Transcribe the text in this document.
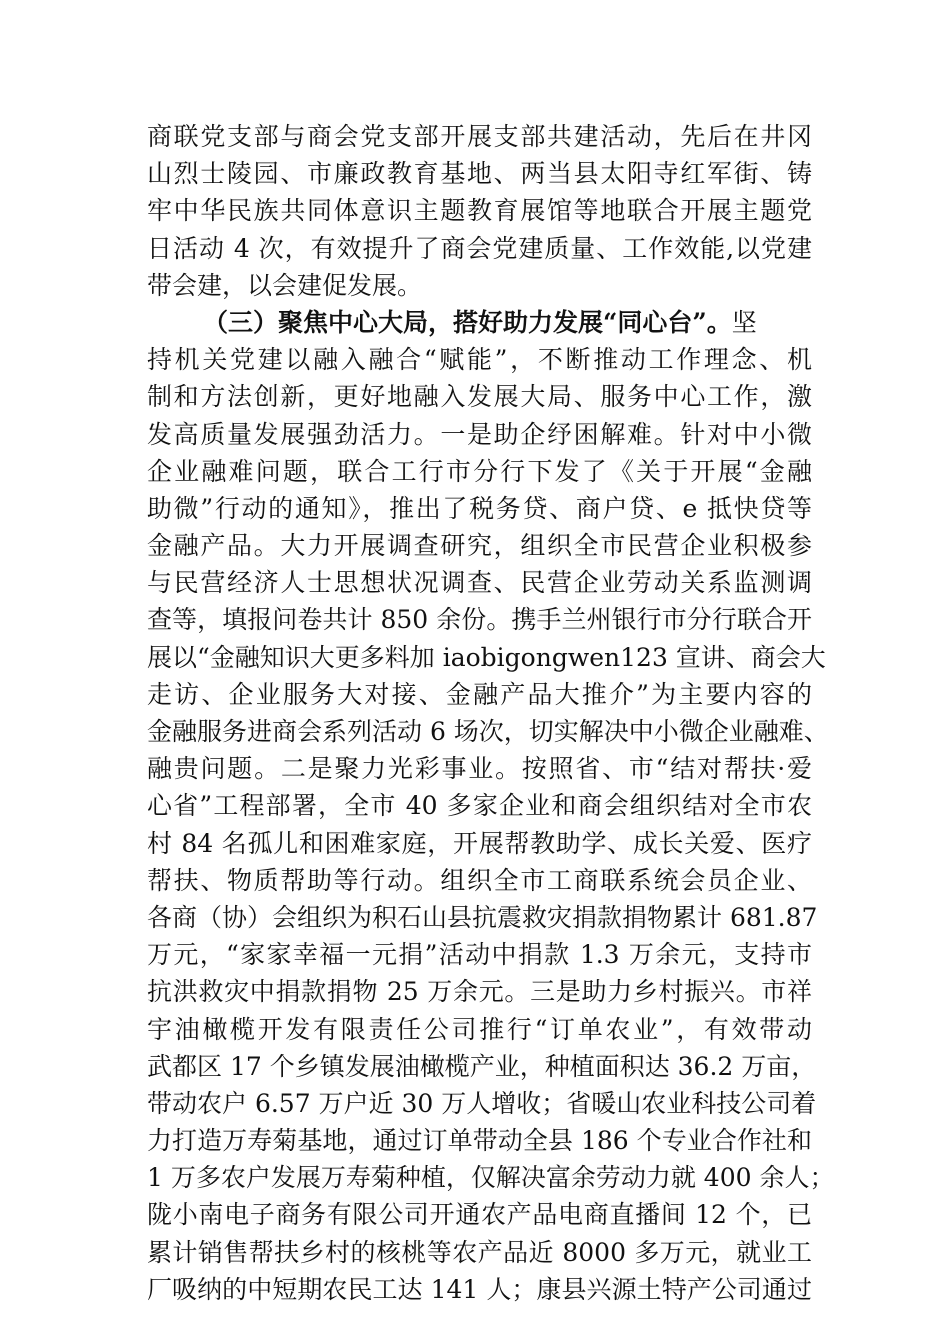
商联党支部与商会党支部开展支部共建活动，先后在井冈
山烈士陵园、市廉政教育基地、两当县太阳寺红军街、铸
牢中华民族共同体意识主题教育展馆等地联合开展主题党
日活动 4 次，有效提升了商会党建质量、工作效能,以党建
带会建，以会建促发展。
（三）聚焦中心大局，搭好助力发展“同心台”。坚
持机关党建以融入融合“赋能”，不断推动工作理念、机
制和方法创新，更好地融入发展大局、服务中心工作，激
发高质量发展强劲活力。一是助企纾困解难。针对中小微
企业融难问题，联合工行市分行下发了《关于开展“金融
助微”行动的通知》，推出了税务贷、商户贷、e 抵快贷等
金融产品。大力开展调查研究，组织全市民营企业积极参
与民营经济人士思想状况调查、民营企业劳动关系监测调
查等，填报问卷共计 850 余份。携手兰州银行市分行联合开
展以“金融知识大更多料加 iaobigongwen123 宣讲、商会大
走访、企业服务大对接、金融产品大推介”为主要内容的
金融服务进商会系列活动 6 场次，切实解决中小微企业融难、
融贵问题。二是聚力光彩事业。按照省、市“结对帮扶·爱
心省”工程部署，全市 40 多家企业和商会组织结对全市农
村 84 名孤儿和困难家庭，开展帮教助学、成长关爱、医疗
帮扶、物质帮助等行动。组织全市工商联系统会员企业、
各商（协）会组织为积石山县抗震救灾捐款捐物累计 681.87
万元，“家家幸福一元捐”活动中捐款 1.3 万余元，支持市
抗洪救灾中捐款捐物 25 万余元。三是助力乡村振兴。市祥
宇油橄榄开发有限责任公司推行“订单农业”，有效带动
武都区 17 个乡镇发展油橄榄产业，种植面积达 36.2 万亩，
带动农户 6.57 万户近 30 万人增收；省暖山农业科技公司着
力打造万寿菊基地，通过订单带动全县 186 个专业合作社和
1 万多农户发展万寿菊种植，仅解决富余劳动力就 400 余人；
陇小南电子商务有限公司开通农产品电商直播间 12 个，已
累计销售帮扶乡村的核桃等农产品近 8000 多万元，就业工
厂吸纳的中短期农民工达 141 人；康县兴源土特产公司通过
